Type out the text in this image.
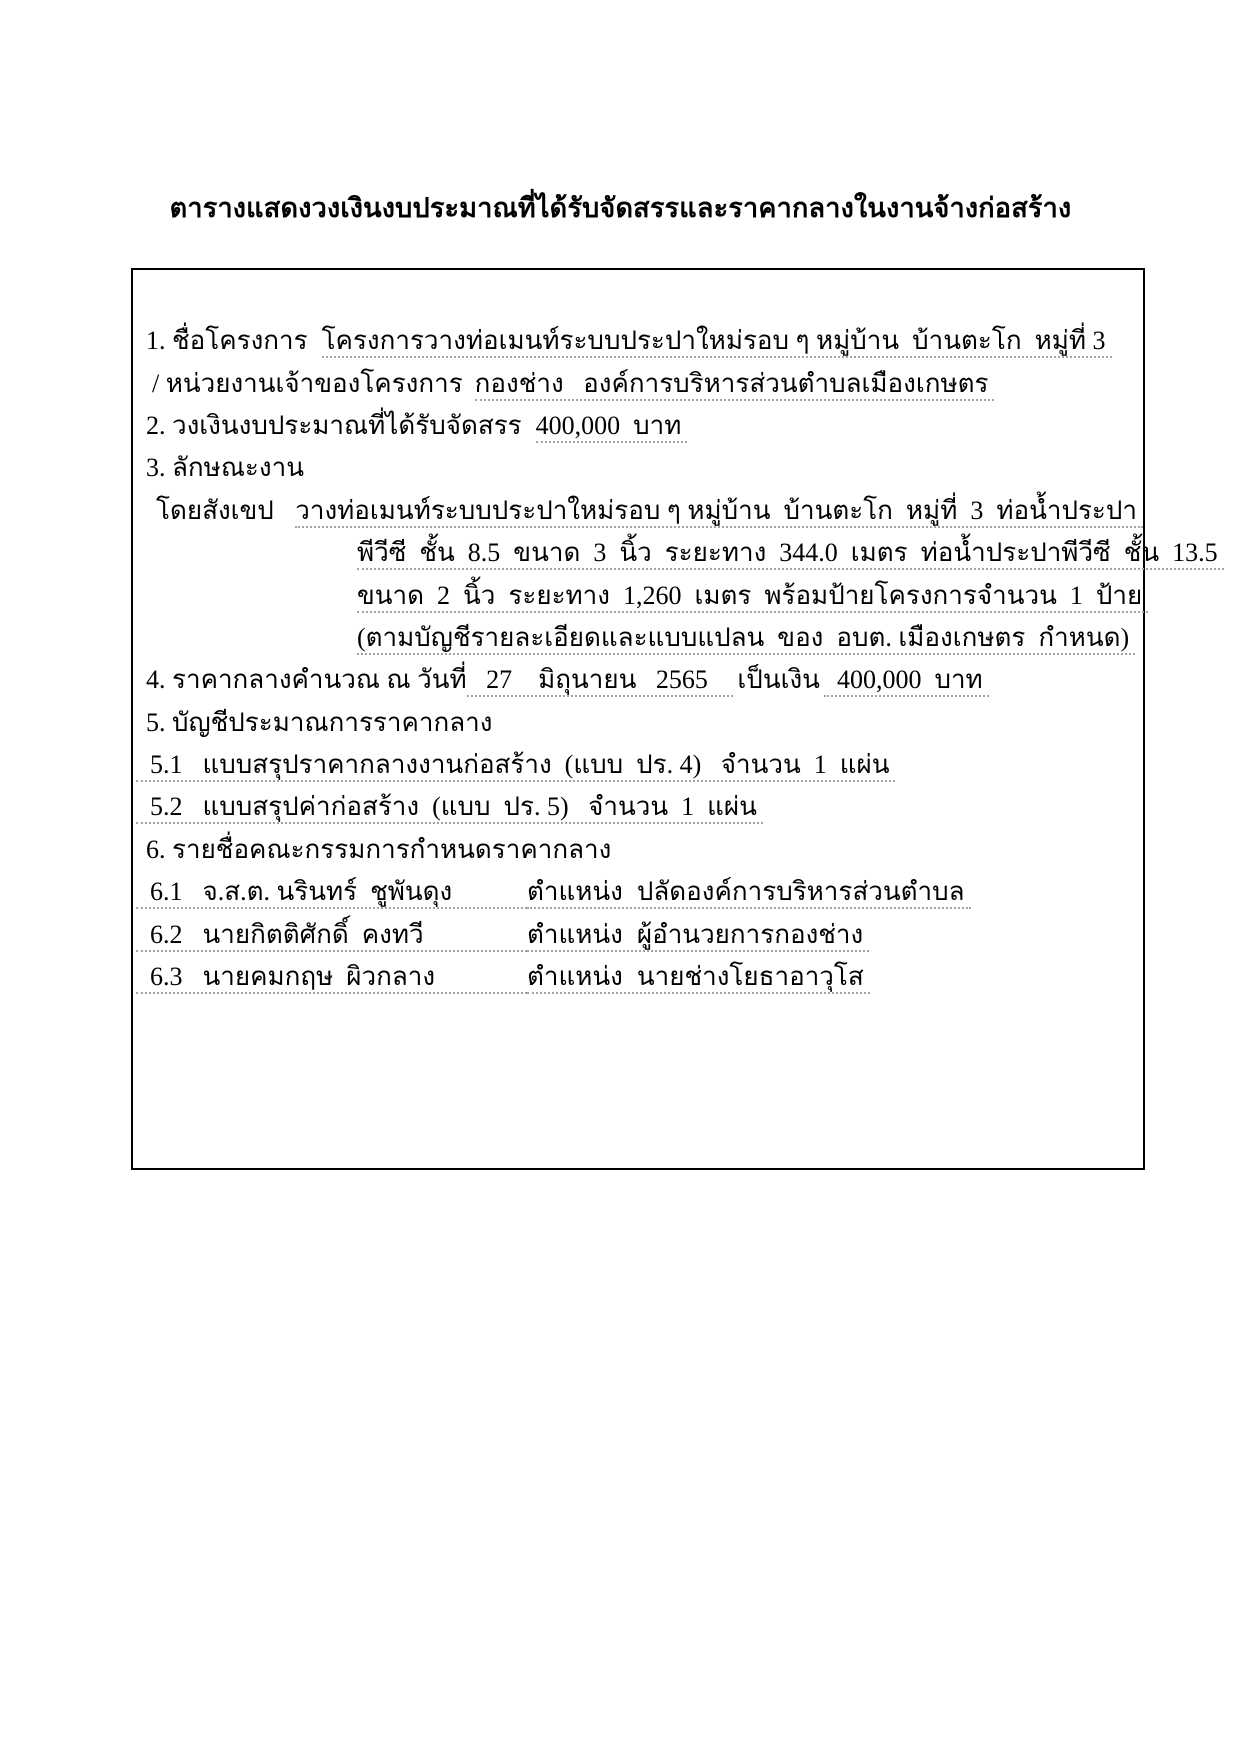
ตารางแสดงวงเงินงบประมาณที่ได้รับจัดสรรและราคากลางในงานจ้างก่อสร้าง
1. ชื่อโครงการ โครงการวางท่อเมนท์ระบบประปาใหม่รอบ ๆ หมู่บ้าน  บ้านตะโก  หมู่ที่ 3
/ หน่วยงานเจ้าของโครงการ กองช่าง   องค์การบริหารส่วนตำบลเมืองเกษตร
2. วงเงินงบประมาณที่ได้รับจัดสรร 400,000  บาท
3. ลักษณะงาน
โดยสังเขป วางท่อเมนท์ระบบประปาใหม่รอบ ๆ หมู่บ้าน  บ้านตะโก  หมู่ที่  3  ท่อน้ำประปา
พีวีซี  ชั้น  8.5  ขนาด  3  นิ้ว  ระยะทาง  344.0  เมตร  ท่อน้ำประปาพีวีซี  ชั้น  13.5
ขนาด  2  นิ้ว  ระยะทาง  1,260  เมตร  พร้อมป้ายโครงการจำนวน  1  ป้าย
(ตามบัญชีรายละเอียดและแบบแปลน  ของ  อบต. เมืองเกษตร  กำหนด)
4. ราคากลางคำนวณ ณ วันที่ 27    มิถุนายน   2565 เป็นเงิน 400,000  บาท
5. บัญชีประมาณการราคากลาง
5.1 แบบสรุปราคากลางงานก่อสร้าง  (แบบ  ปร. 4)   จำนวน  1  แผ่น
5.2 แบบสรุปค่าก่อสร้าง  (แบบ  ปร. 5)   จำนวน  1  แผ่น
6. รายชื่อคณะกรรมการกำหนดราคากลาง
6.1 จ.ส.ต. นรินทร์  ชูพันดุง	ตำแหน่ง ปลัดองค์การบริหารส่วนตำบล
6.2 นายกิตติศักดิ์  คงทวี	ตำแหน่ง ผู้อำนวยการกองช่าง
6.3 นายคมกฤษ  ผิวกลาง	ตำแหน่ง นายช่างโยธาอาวุโส
